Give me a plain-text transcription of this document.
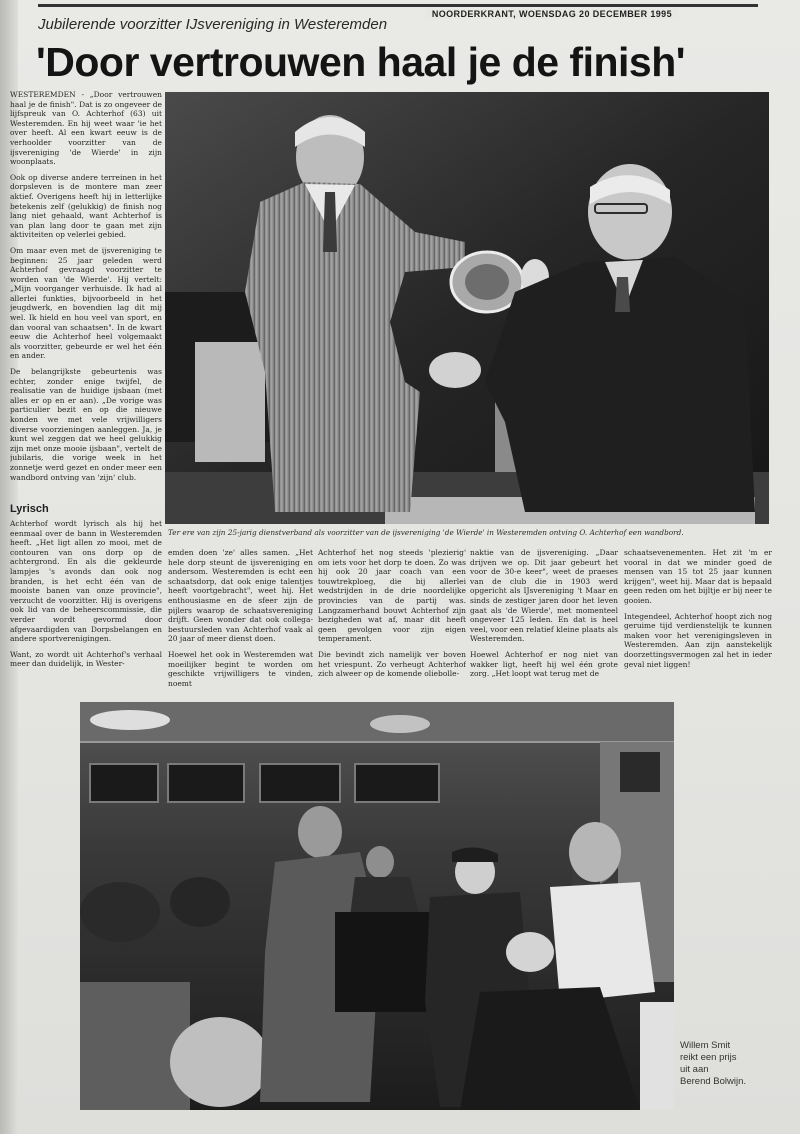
NOORDERKRANT, WOENSDAG 20 DECEMBER 1995
Jubilerende voorzitter IJsvereniging in Westeremden
'Door vertrouwen haal je de finish'

WESTEREMDEN - „Door vertrouwen haal je de finish". Dat is zo ongeveer de lijfspreuk van O. Achterhof (63) uit Westeremden. En hij weet waar 'ie het over heeft. Al een kwart eeuw is de verhoolder voorzitter van de ijsvereniging 'de Wierde' in zijn woonplaats.

Ook op diverse andere terreinen in het dorpsleven is de montere man zeer aktief. Overigens heeft hij in letterlijke betekenis zelf (gelukkig) de finish nog lang niet gehaald, want Achterhof is van plan lang door te gaan met zijn aktiviteiten op velerlei gebied.

Om maar even met de ijsvereniging te beginnen: 25 jaar geleden werd Achterhof gevraagd voorzitter te worden van 'de Wierde'. Hij vertelt: „Mijn voorganger verhuisde. Ik had al allerlei funkties, bijvoorbeeld in het jeugdwerk, en bovendien lag dit mij wel. Ik hield en hou veel van sport, en dan vooral van schaatsen". In de kwart eeuw die Achterhof heel volgemaakt als voorzitter, gebeurde er wel het één en ander.

De belangrijkste gebeurtenis was echter, zonder enige twijfel, de realisatie van de huidige ijsbaan (met alles er op en er aan). „De vorige was particulier bezit en op die nieuwe konden we met vele vrijwilligers diverse voorzieningen aanleggen. Ja, je kunt wel zeggen dat we heel gelukkig zijn met onze mooie ijsbaan", vertelt de jubilaris, die vorige week in het zonnetje werd gezet en onder meer een wandbord ontving van 'zijn' club.

Lyrisch

Achterhof wordt lyrisch als hij het eenmaal over de bann in Westeremden heeft. „Het ligt allen zo mooi, met de contouren van ons dorp op de achtergrond. En als die gekleurde lampjes 's avonds dan ook nog branden, is het echt één van de mooiste banen van onze provincie", verzucht de voorzitter. Hij is overigens ook lid van de beheerscommissie, die verder wordt gevormd door afgevaardigden van Dorpsbelangen en andere sportverenigingen.

Want, zo wordt uit Achterhof's verhaal meer dan duidelijk, in Wester-

Ter ere van zijn 25-jarig dienstverband als voorzitter van de ijsvereniging 'de Wierde' in Westeremden ontving O. Achterhof een wandbord.

emden doen 'ze' alles samen. „Het hele dorp steunt de ijsvereniging en andersom. Westeremden is echt een schaatsdorp, dat ook enige talentjes heeft voortgebracht", weet hij. Het enthousiasme en de sfeer zijn de pijlers waarop de schaatsvereniging drijft. Geen wonder dat ook collega-bestuursleden van Achterhof vaak al 20 jaar of meer dienst doen.

Hoewel het ook in Westeremden wat moeilijker begint te worden om geschikte vrijwilligers te vinden, noemt

Achterhof het nog steeds 'plezierig' om iets voor het dorp te doen. Zo was hij ook 20 jaar coach van een touwtrekploeg, die bij allerlei wedstrijden in de drie noordelijke provincies van de partij was. Langzamerhand bouwt Achterhof zijn bezigheden wat af, maar dit heeft geen gevolgen voor zijn eigen temperament.

Die bevindt zich namelijk ver boven het vriespunt. Zo verheugt Achterhof zich alweer op de komende oliebolle-

naktie van de ijsvereniging. „Daar drijven we op. Dit jaar gebeurt het voor de 30-e keer", weet de praeses van de club die in 1903 werd opgericht als IJsvereniging 't Maar en sinds de zestiger jaren door het leven gaat als 'de Wierde', met momenteel ongeveer 125 leden. En dat is heel veel, voor een relatief kleine plaats als Westeremden.

Hoewel Achterhof er nog niet van wakker ligt, heeft hij wel één grote zorg. „Het loopt wat terug met de

schaatsevenementen. Het zit 'm er vooral in dat we minder goed de mensen van 15 tot 25 jaar kunnen krijgen", weet hij. Maar dat is bepaald geen reden om het bijltje er bij neer te gooien.

Integendeel, Achterhof hoopt zich nog geruime tijd verdienstelijk te kunnen maken voor het verenigingsleven in Westeremden. Aan zijn aanstekelijk doorzettingsvermogen zal het in ieder geval niet liggen!

Willem Smit
reikt een prijs
uit aan
Berend Bolwijn.
